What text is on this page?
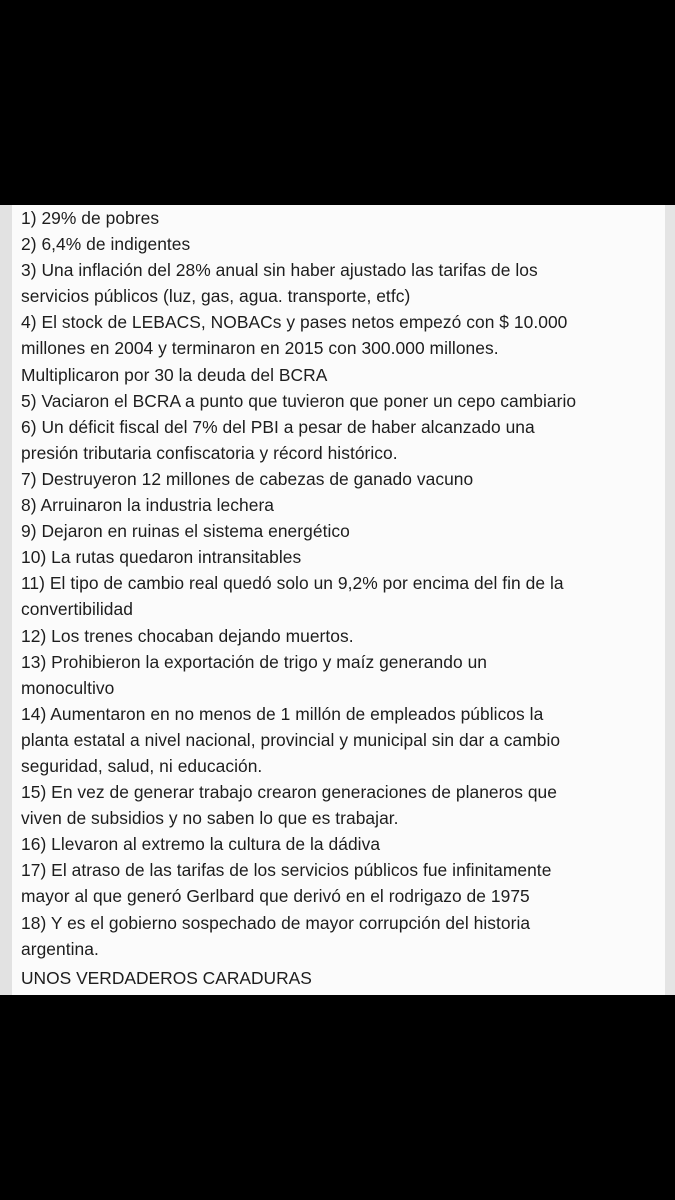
1) 29% de pobres
2) 6,4% de indigentes
3) Una inflación del 28% anual sin haber ajustado las tarifas de los
servicios públicos (luz, gas, agua. transporte, etfc)
4) El stock de LEBACS, NOBACs y pases netos empezó con $ 10.000
millones en 2004 y terminaron en 2015 con 300.000 millones.
Multiplicaron por 30 la deuda del BCRA
5) Vaciaron el BCRA a punto que tuvieron que poner un cepo cambiario
6) Un déficit fiscal del 7% del PBI a pesar de haber alcanzado una
presión tributaria confiscatoria y récord histórico.
7) Destruyeron 12 millones de cabezas de ganado vacuno
8) Arruinaron la industria lechera
9) Dejaron en ruinas el sistema energético
10) La rutas quedaron intransitables
11) El tipo de cambio real quedó solo un 9,2% por encima del fin de la
convertibilidad
12) Los trenes chocaban dejando muertos.
13) Prohibieron la exportación de trigo y maíz generando un
monocultivo
14) Aumentaron en no menos de 1 millón de empleados públicos la
planta estatal a nivel nacional, provincial y municipal sin dar a cambio
seguridad, salud, ni educación.
15) En vez de generar trabajo crearon generaciones de planeros que
viven de subsidios y no saben lo que es trabajar.
16) Llevaron al extremo la cultura de la dádiva
17) El atraso de las tarifas de los servicios públicos fue infinitamente
mayor al que generó Gerlbard que derivó en el rodrigazo de 1975
18) Y es el gobierno sospechado de mayor corrupción del historia
argentina.
UNOS VERDADEROS CARADURAS
